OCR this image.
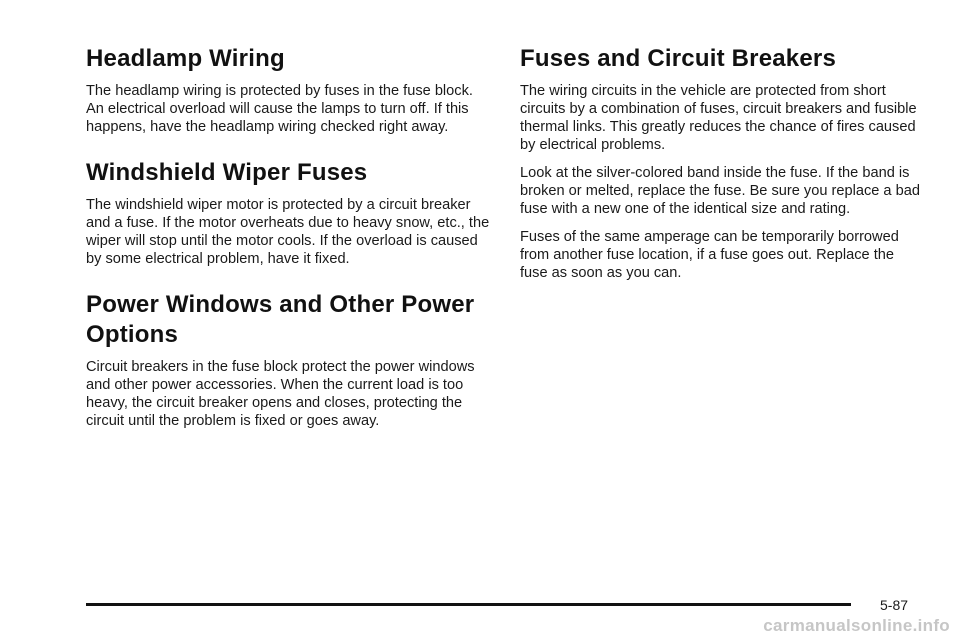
Headlamp Wiring

The headlamp wiring is protected by fuses in the fuse block. An electrical overload will cause the lamps to turn off. If this happens, have the headlamp wiring checked right away.

Windshield Wiper Fuses

The windshield wiper motor is protected by a circuit breaker and a fuse. If the motor overheats due to heavy snow, etc., the wiper will stop until the motor cools. If the overload is caused by some electrical problem, have it fixed.

Power Windows and Other Power Options

Circuit breakers in the fuse block protect the power windows and other power accessories. When the current load is too heavy, the circuit breaker opens and closes, protecting the circuit until the problem is fixed or goes away.

Fuses and Circuit Breakers

The wiring circuits in the vehicle are protected from short circuits by a combination of fuses, circuit breakers and fusible thermal links. This greatly reduces the chance of fires caused by electrical problems.

Look at the silver-colored band inside the fuse. If the band is broken or melted, replace the fuse. Be sure you replace a bad fuse with a new one of the identical size and rating.

Fuses of the same amperage can be temporarily borrowed from another fuse location, if a fuse goes out. Replace the fuse as soon as you can.

5-87
carmanualsonline.info
